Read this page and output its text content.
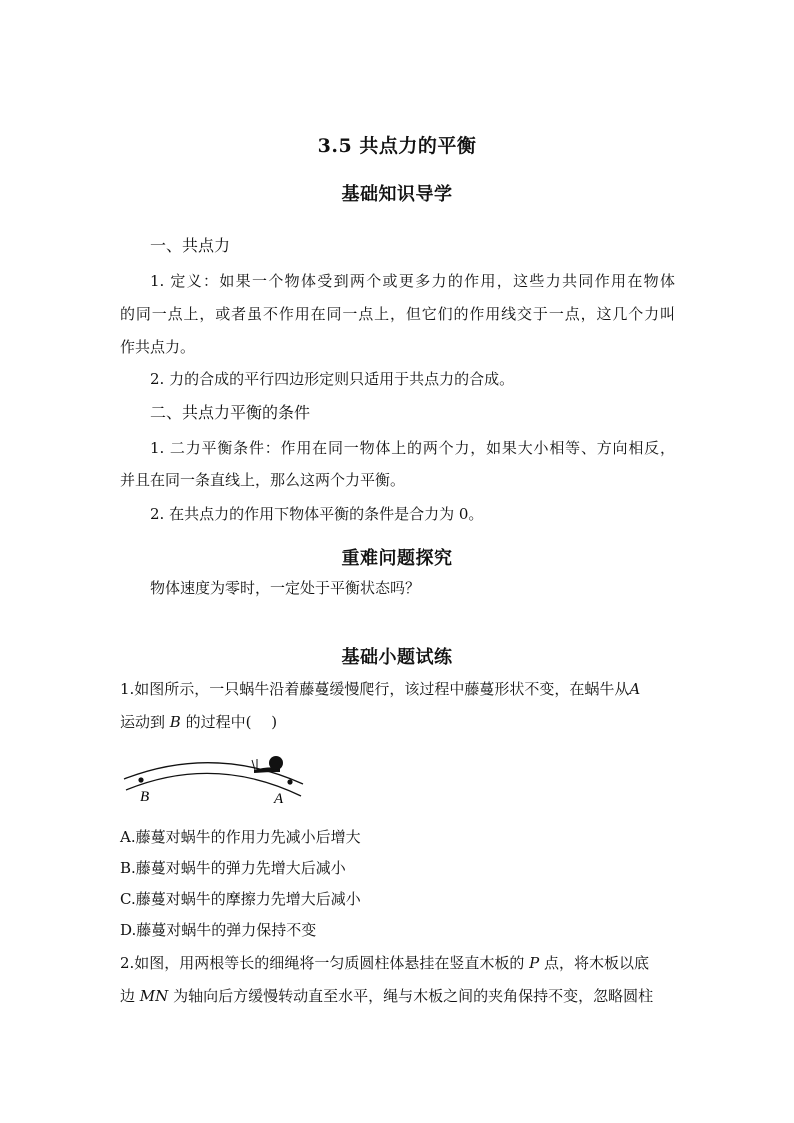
3.5 共点力的平衡
基础知识导学
一、共点力
1. 定义：如果一个物体受到两个或更多力的作用，这些力共同作用在物体
的同一点上，或者虽不作用在同一点上，但它们的作用线交于一点，这几个力叫
作共点力。
2. 力的合成的平行四边形定则只适用于共点力的合成。
二、共点力平衡的条件
1. 二力平衡条件：作用在同一物体上的两个力，如果大小相等、方向相反，
并且在同一条直线上，那么这两个力平衡。
2. 在共点力的作用下物体平衡的条件是合力为 0。
重难问题探究
物体速度为零时，一定处于平衡状态吗？
基础小题试练
1.如图所示，一只蜗牛沿着藤蔓缓慢爬行，该过程中藤蔓形状不变，在蜗牛从A
运动到 B 的过程中(　 )
B	A
A.藤蔓对蜗牛的作用力先减小后增大
B.藤蔓对蜗牛的弹力先增大后减小
C.藤蔓对蜗牛的摩擦力先增大后减小
D.藤蔓对蜗牛的弹力保持不变
2.如图，用两根等长的细绳将一匀质圆柱体悬挂在竖直木板的 P 点，将木板以底
边 MN 为轴向后方缓慢转动直至水平，绳与木板之间的夹角保持不变，忽略圆柱
